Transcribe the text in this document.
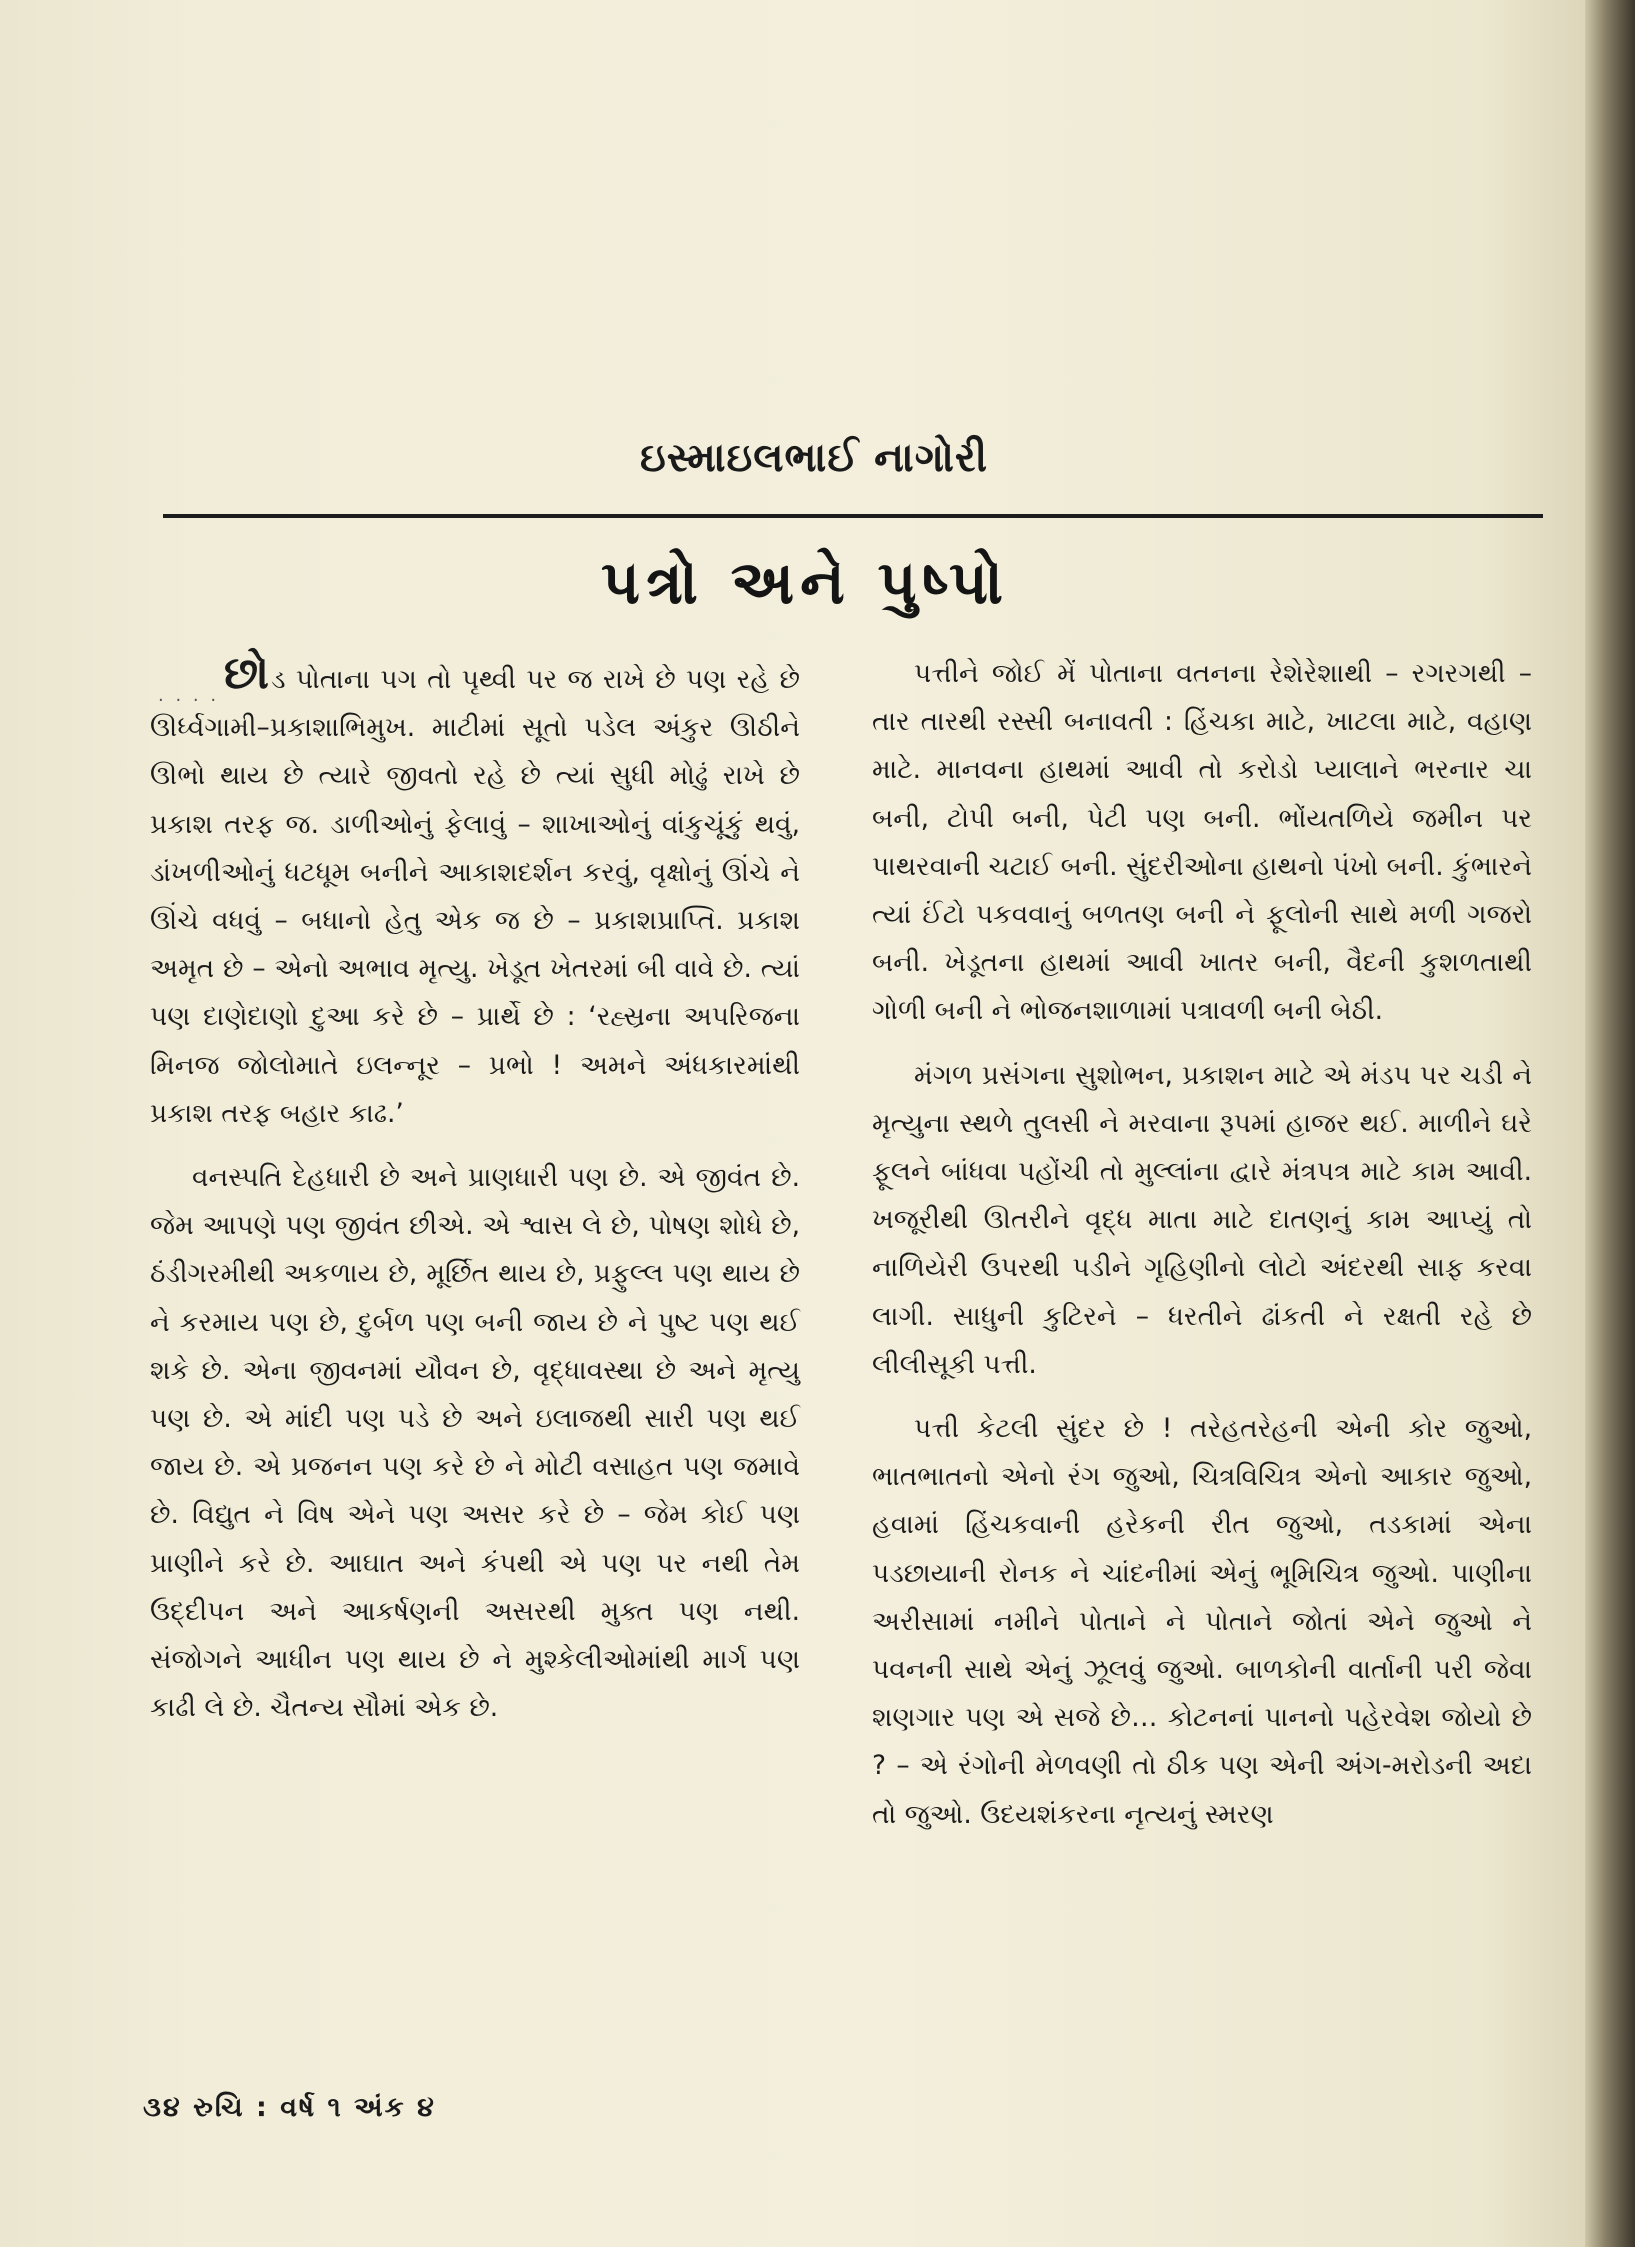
ઇસ્માઇલભાઈ નાગોરી
પત્રો અને પુષ્પો
· · · ·

છોડ પોતાના પગ તો પૃથ્વી પર જ રાખે છે પણ રહે છે ઊર્ધ્વગામી–પ્રકાશાભિમુખ. માટીમાં સૂતો પડેલ અંકુર ઊઠીને ઊભો થાય છે ત્યારે જીવતો રહે છે ત્યાં સુધી મોઢું રાખે છે પ્રકાશ તરફ જ. ડાળીઓનું ફેલાવું – શાખાઓનું વાંકુચૂંકું થવું, ડાંખળીઓનું ધટધૂમ બનીને આકાશદર્શન કરવું, વૃક્ષોનું ઊંચે ને ઊંચે વધવું – બધાનો હેતુ એક જ છે – પ્રકાશપ્રાપ્તિ. પ્રકાશ અમૃત છે – એનો અભાવ મૃત્યુ. ખેડૂત ખેતરમાં બી વાવે છે. ત્યાં પણ દાણેદાણો દુઆ કરે છે – પ્રાર્થે છે : ‘રહ્સ્રના અપરિજના મિનજ જોલોમાતે ઇલન્નૂર – પ્રભો ! અમને અંધકારમાંથી પ્રકાશ તરફ બહાર કાઢ.’

વનસ્પતિ દેહધારી છે અને પ્રાણધારી પણ છે. એ જીવંત છે. જેમ આપણે પણ જીવંત છીએ. એ શ્વાસ લે છે, પોષણ શોધે છે, ઠંડીગરમીથી અકળાય છે, મૂર્છિત થાય છે, પ્રફુલ્લ પણ થાય છે ને કરમાય પણ છે, દુર્બળ પણ બની જાય છે ને પુષ્ટ પણ થઈ શકે છે. એના જીવનમાં યૌવન છે, વૃદ્ધાવસ્થા છે અને મૃત્યુ પણ છે. એ માંદી પણ પડે છે અને ઇલાજથી સારી પણ થઈ જાય છે. એ પ્રજનન પણ કરે છે ને મોટી વસાહત પણ જમાવે છે. વિદ્યુત ને વિષ એને પણ અસર કરે છે – જેમ કોઈ પણ પ્રાણીને કરે છે. આઘાત અને કંપથી એ પણ પર નથી તેમ ઉદ્દીપન અને આકર્ષણની અસરથી મુક્ત પણ નથી. સંજોગને આધીન પણ થાય છે ને મુશ્કેલીઓમાંથી માર્ગ પણ કાઢી લે છે. ચૈતન્ય સૌમાં એક છે.

પત્તીને જોઈ મેં પોતાના વતનના રેશેરેશાથી – રગરગથી – તાર તારથી રસ્સી બનાવતી : હિંચકા માટે, ખાટલા માટે, વહાણ માટે. માનવના હાથમાં આવી તો કરોડો પ્યાલાને ભરનાર ચા બની, ટોપી બની, પેટી પણ બની. ભોંયતળિયે જમીન પર પાથરવાની ચટાઈ બની. સુંદરીઓના હાથનો પંખો બની. કુંભારને ત્યાં ઈંટો પકવવાનું બળતણ બની ને ફૂલોની સાથે મળી ગજરો બની. ખેડૂતના હાથમાં આવી ખાતર બની, વૈદની કુશળતાથી ગોળી બની ને ભોજનશાળામાં પત્રાવળી બની બેઠી.

મંગળ પ્રસંગના સુશોભન, પ્રકાશન માટે એ મંડપ પર ચડી ને મૃત્યુના સ્થળે તુલસી ને મરવાના રૂપમાં હાજર થઈ. માળીને ઘરે ફૂલને બાંધવા પહોંચી તો મુલ્લાંના દ્વારે મંત્રપત્ર માટે કામ આવી. ખજૂરીથી ઊતરીને વૃદ્ધ માતા માટે દાતણનું કામ આપ્યું તો નાળિયેરી ઉપરથી પડીને ગૃહિણીનો લોટો અંદરથી સાફ કરવા લાગી. સાધુની કુટિરને – ધરતીને ઢાંકતી ને રક્ષતી રહે છે લીલીસૂકી પત્તી.

પત્તી કેટલી સુંદર છે ! તરેહતરેહની એની કોર જુઓ, ભાતભાતનો એનો રંગ જુઓ, ચિત્રવિચિત્ર એનો આકાર જુઓ, હવામાં હિંચકવાની હરેકની રીત જુઓ, તડકામાં એના પડછાયાની રોનક ને ચાંદનીમાં એનું ભૂમિચિત્ર જુઓ. પાણીના અરીસામાં નમીને પોતાને ને પોતાને જોતાં એને જુઓ ને પવનની સાથે એનું ઝૂલવું જુઓ. બાળકોની વાર્તાની પરી જેવા શણગાર પણ એ સજે છે… કોટનનાં પાનનો પહેરવેશ જોયો છે ? – એ રંગોની મેળવણી તો ઠીક પણ એની અંગ-મરોડની અદા તો જુઓ. ઉદયશંકરના નૃત્યનું સ્મરણ

૩૪ રુચિ : વર્ષ ૧ અંક ૪
